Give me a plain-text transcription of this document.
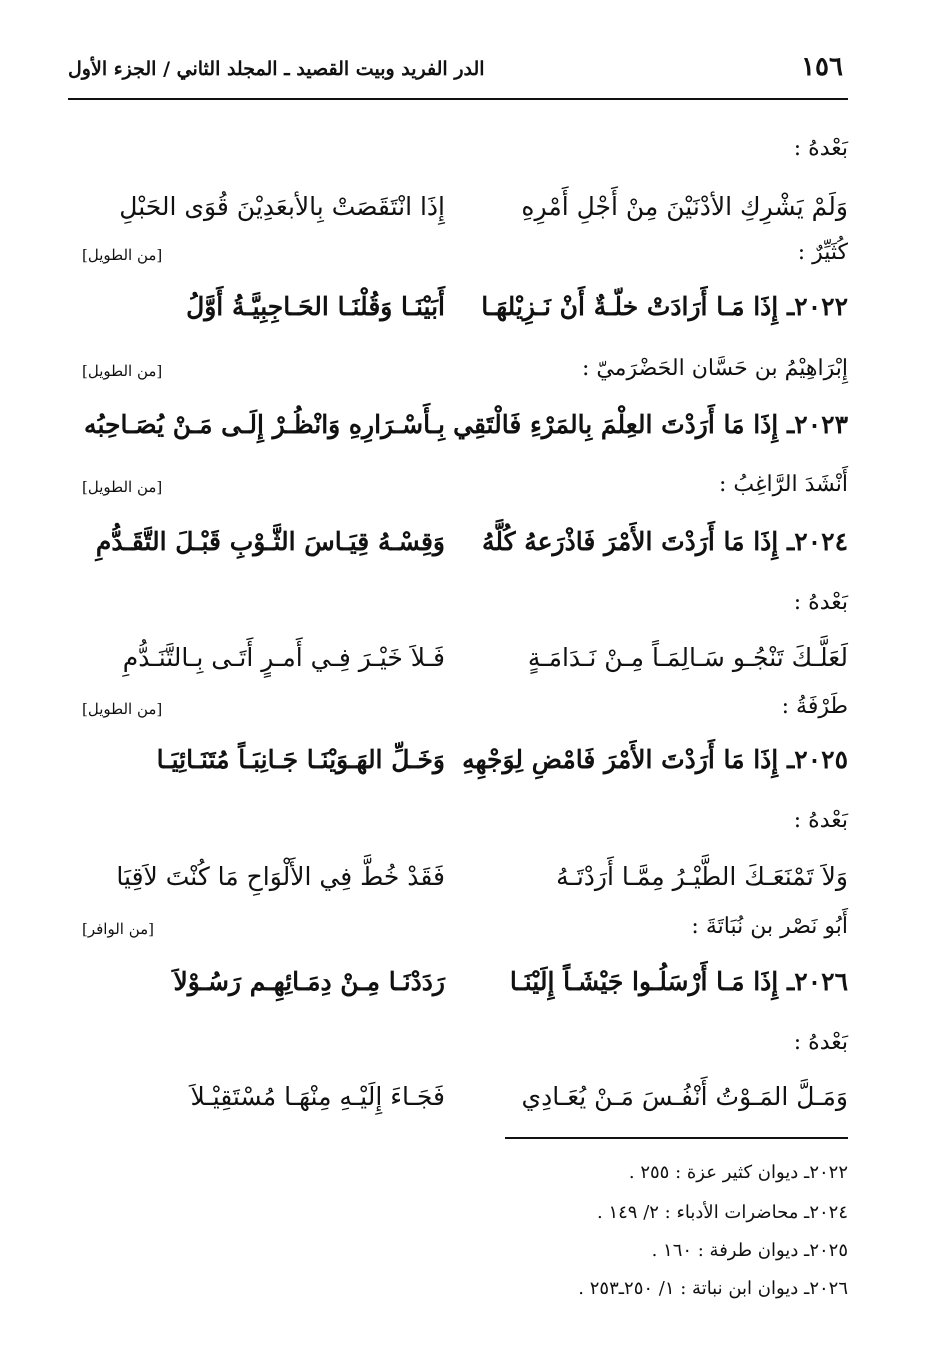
١٥٦
الدر الفريد وبيت القصيد ـ المجلد الثاني / الجزء الأول
بَعْدهُ :
وَلَمْ يَشْرِكِ الأدْنَيْنَ مِنْ أَجْلِ أَمْرِهِ
إِذَا انْتَقَصَتْ بِالأبعَدِيْنَ قُوَى الحَبْلِ
كُثَيِّرٌ :
[من الطويل]
٢٠٢٢ـ إِذَا مَـا أَرَادَتْ خلّـةٌ أَنْ نَـزِيْلهَـا
أَبَيْنَـا وَقُلْنَـا الحَـاجِبِيَّـةُ أَوَّلُ
إِبْرَاهِيْمُ بن حَسَّان الحَضْرَميّ :
[من الطويل]
٢٠٢٣ـ إِذَا مَا أَرَدْتَ العِلْمَ بِالمَرْءِ فَالْتَقِي
بِـأَسْـرَارِهِ وَانْظُـرْ إِلَـى مَـنْ يُصَـاحِبُه
أَنْشَدَ الرَّاغِبُ :
[من الطويل]
٢٠٢٤ـ إِذَا مَا أَرَدْتَ الأَمْرَ فَاذْرَعهُ كُلَّهُ
وَقِسْـهُ قِيَـاسَ الثَّـوْبِ قَبْـلَ التَّقَـدُّمِ
بَعْدهُ :
لَعَلَّـكَ تَنْجُـو سَـالِمَـاً مِـنْ نَـدَامَـةٍ
فَـلاَ خَيْـرَ فِـي أَمـرٍ أَتَـى بِـالتَّنَـدُّمِ
طَرْفَةُ :
[من الطويل]
٢٠٢٥ـ إِذَا مَا أَرَدْتَ الأَمْرَ فَامْضِ لِوَجْهِهِ
وَخَـلِّ الهَـوَيْنَـا جَـانِبَـاً مُتَنَـائِيَـا
بَعْدهُ :
وَلاَ تَمْنَعَـكَ الطَّيْـرُ مِمَّـا أَرَدْتَـهُ
فَقَدْ خُطَّ فِي الأَلْوَاحِ مَا كُنْتَ لاَقِيَا
أَبُو نَصْر بن نُبَاتَةَ :
[من الوافر]
٢٠٢٦ـ إِذَا مَـا أَرْسَلُـوا جَيْشَـاً إِلَيْنَـا
رَدَدْنَـا مِـنْ دِمَـائِهِـم رَسُـوْلاَ
بَعْدهُ :
وَمَـلَّ المَـوْتُ أَنْفُـسَ مَـنْ يُعَـادِي
فَجَـاءَ إِلَيْـهِ مِنْهَـا مُسْتَقِيْـلاَ
٢٠٢٢ـ ديوان كثير عزة : ٢٥٥ .
٢٠٢٤ـ محاضرات الأدباء : ٢/ ١٤٩ .
٢٠٢٥ـ ديوان طرفة : ١٦٠ .
٢٠٢٦ـ ديوان ابن نباتة : ١/ ٢٥٠ـ٢٥٣ .
